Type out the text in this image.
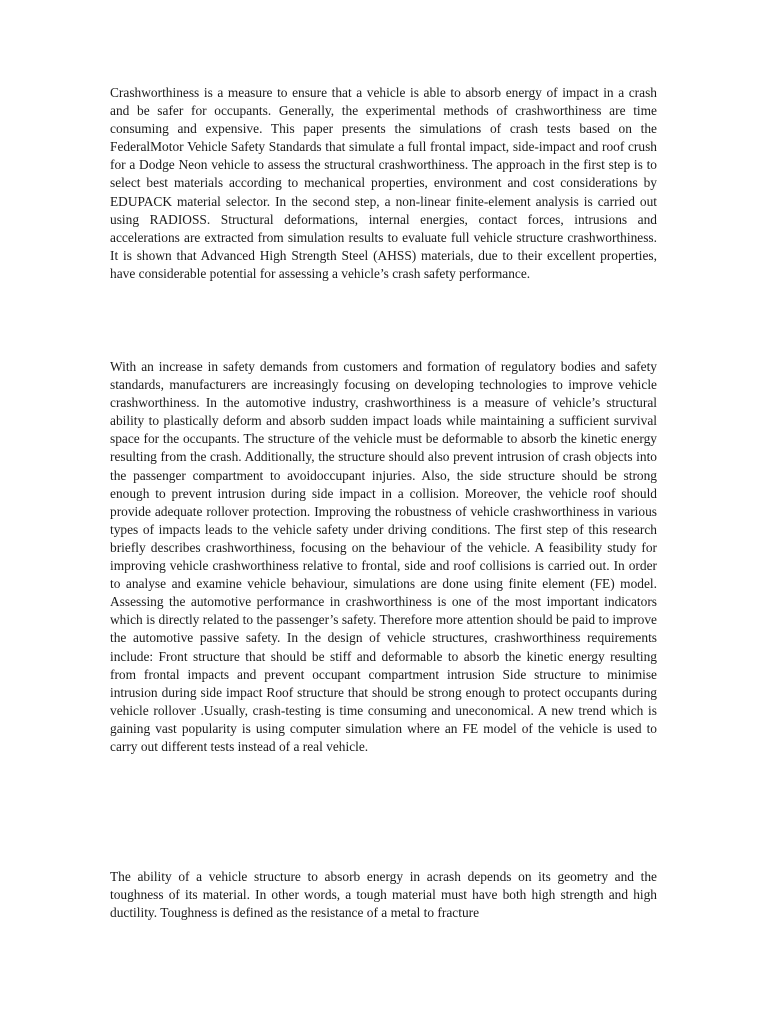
Crashworthiness is a measure to ensure that a vehicle is able to absorb energy of impact in a crash and be safer for occupants. Generally, the experimental methods of crashworthiness are time consuming and expensive. This paper presents the simulations of crash tests based on the FederalMotor Vehicle Safety Standards that simulate a full frontal impact, side-impact and roof crush for a Dodge Neon vehicle to assess the structural crashworthiness. The approach in the first step is to select best materials according to mechanical properties, environment and cost considerations by EDUPACK material selector. In the second step, a non-linear finite-element analysis is carried out using RADIOSS. Structural deformations, internal energies, contact forces, intrusions and accelerations are extracted from simulation results to evaluate full vehicle structure crashworthiness. It is shown that Advanced High Strength Steel (AHSS) materials, due to their excellent properties, have considerable potential for assessing a vehicle’s crash safety performance.

With an increase in safety demands from customers and formation of regulatory bodies and safety standards, manufacturers are increasingly focusing on developing technologies to improve vehicle crashworthiness. In the automotive industry, crashworthiness is a measure of vehicle’s structural ability to plastically deform and absorb sudden impact loads while maintaining a sufficient survival space for the occupants. The structure of the vehicle must be deformable to absorb the kinetic energy resulting from the crash. Additionally, the structure should also prevent intrusion of crash objects into the passenger compartment to avoidoccupant injuries. Also, the side structure should be strong enough to prevent intrusion during side impact in a collision. Moreover, the vehicle roof should provide adequate rollover protection. Improving the robustness of vehicle crashworthiness in various types of impacts leads to the vehicle safety under driving conditions. The first step of this research briefly describes crashworthiness, focusing on the behaviour of the vehicle. A feasibility study for improving vehicle crashworthiness relative to frontal, side and roof collisions is carried out. In order to analyse and examine vehicle behaviour, simulations are done using finite element (FE) model. Assessing the automotive performance in crashworthiness is one of the most important indicators which is directly related to the passenger’s safety. Therefore more attention should be paid to improve the automotive passive safety. In the design of vehicle structures, crashworthiness requirements include: Front structure that should be stiff and deformable to absorb the kinetic energy resulting from frontal impacts and prevent occupant compartment intrusion Side structure to minimise intrusion during side impact Roof structure that should be strong enough to protect occupants during vehicle rollover .Usually, crash-testing is time consuming and uneconomical. A new trend which is gaining vast popularity is using computer simulation where an FE model of the vehicle is used to carry out different tests instead of a real vehicle.

The ability of a vehicle structure to absorb energy in acrash depends on its geometry and the toughness of its material. In other words, a tough material must have both high strength and high ductility. Toughness is defined as the resistance of a metal to fracture
